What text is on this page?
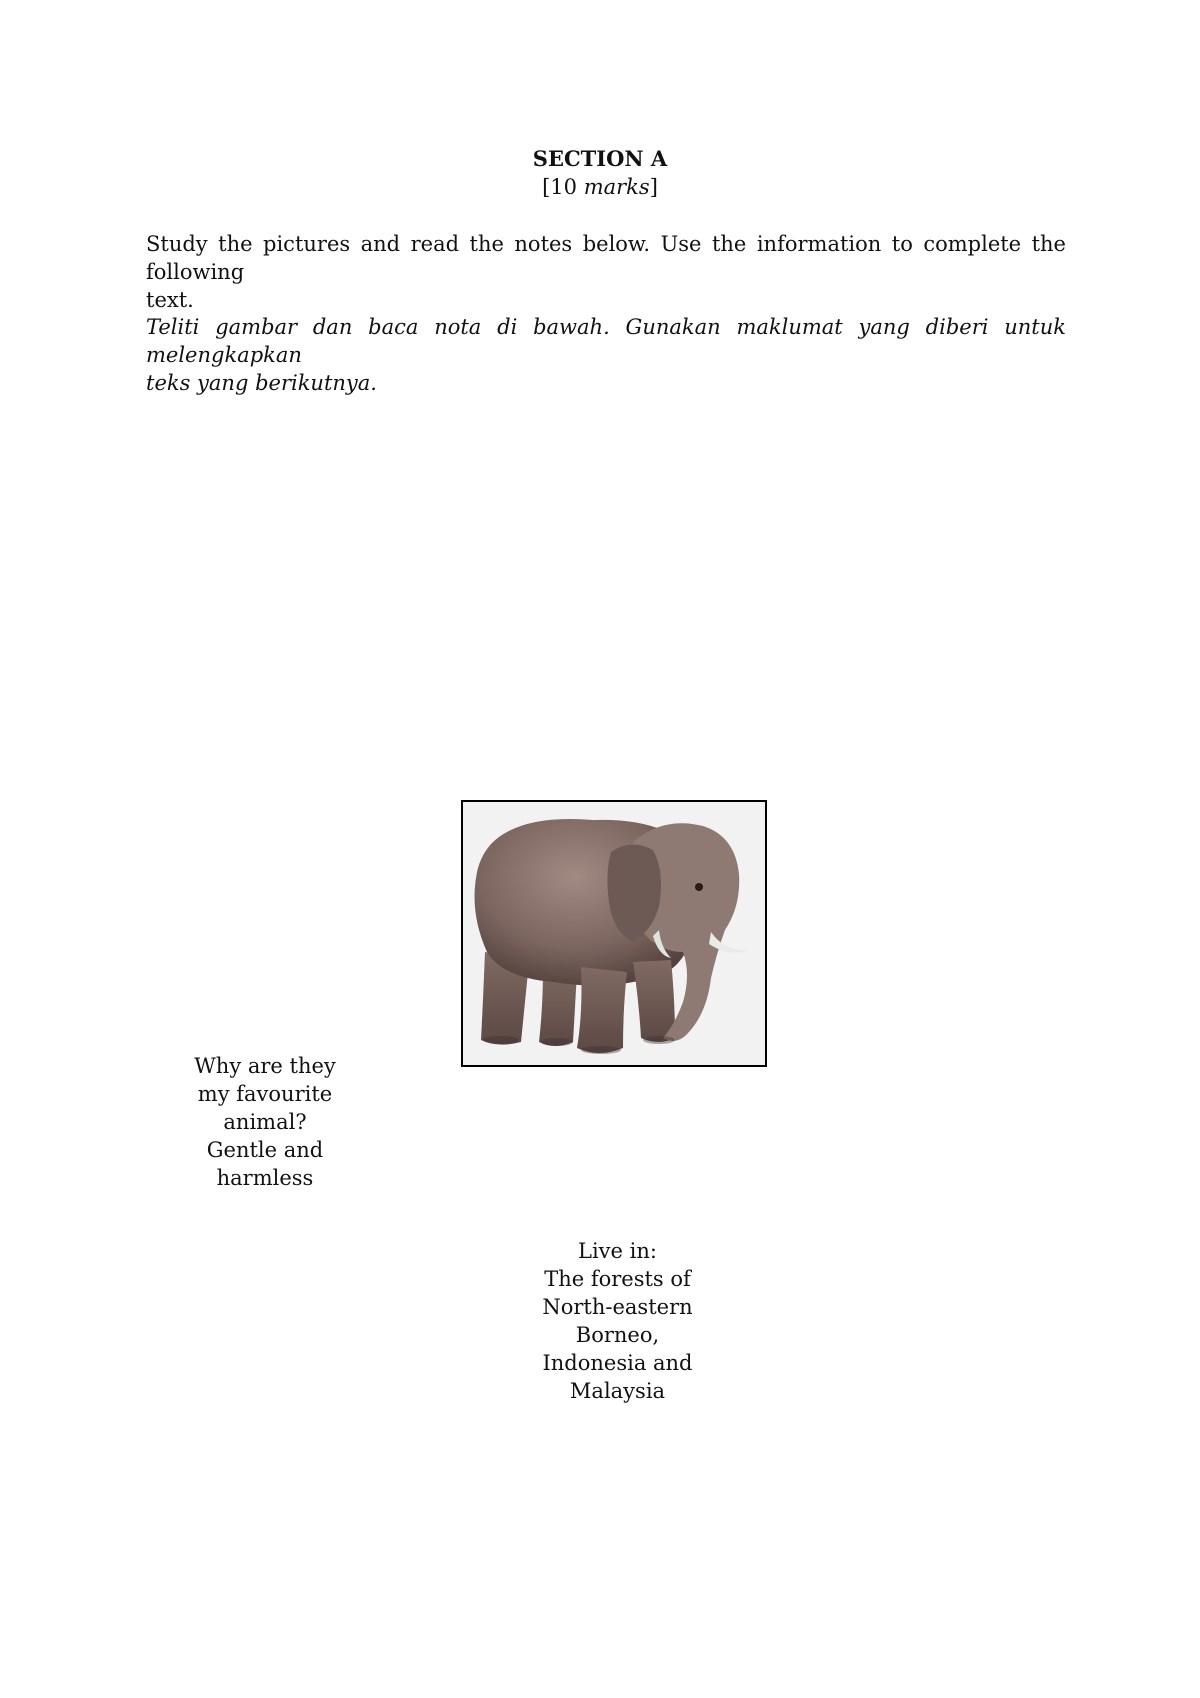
SECTION A
[10 marks]
Study the pictures and read the notes below. Use the information to complete the following
text.
Teliti gambar dan baca nota di bawah. Gunakan maklumat yang diberi untuk melengkapkan
teks yang berikutnya.
Why are they
my favourite
animal?
Gentle and
harmless
Live in:
The forests of
North-eastern
Borneo,
Indonesia and
Malaysia
